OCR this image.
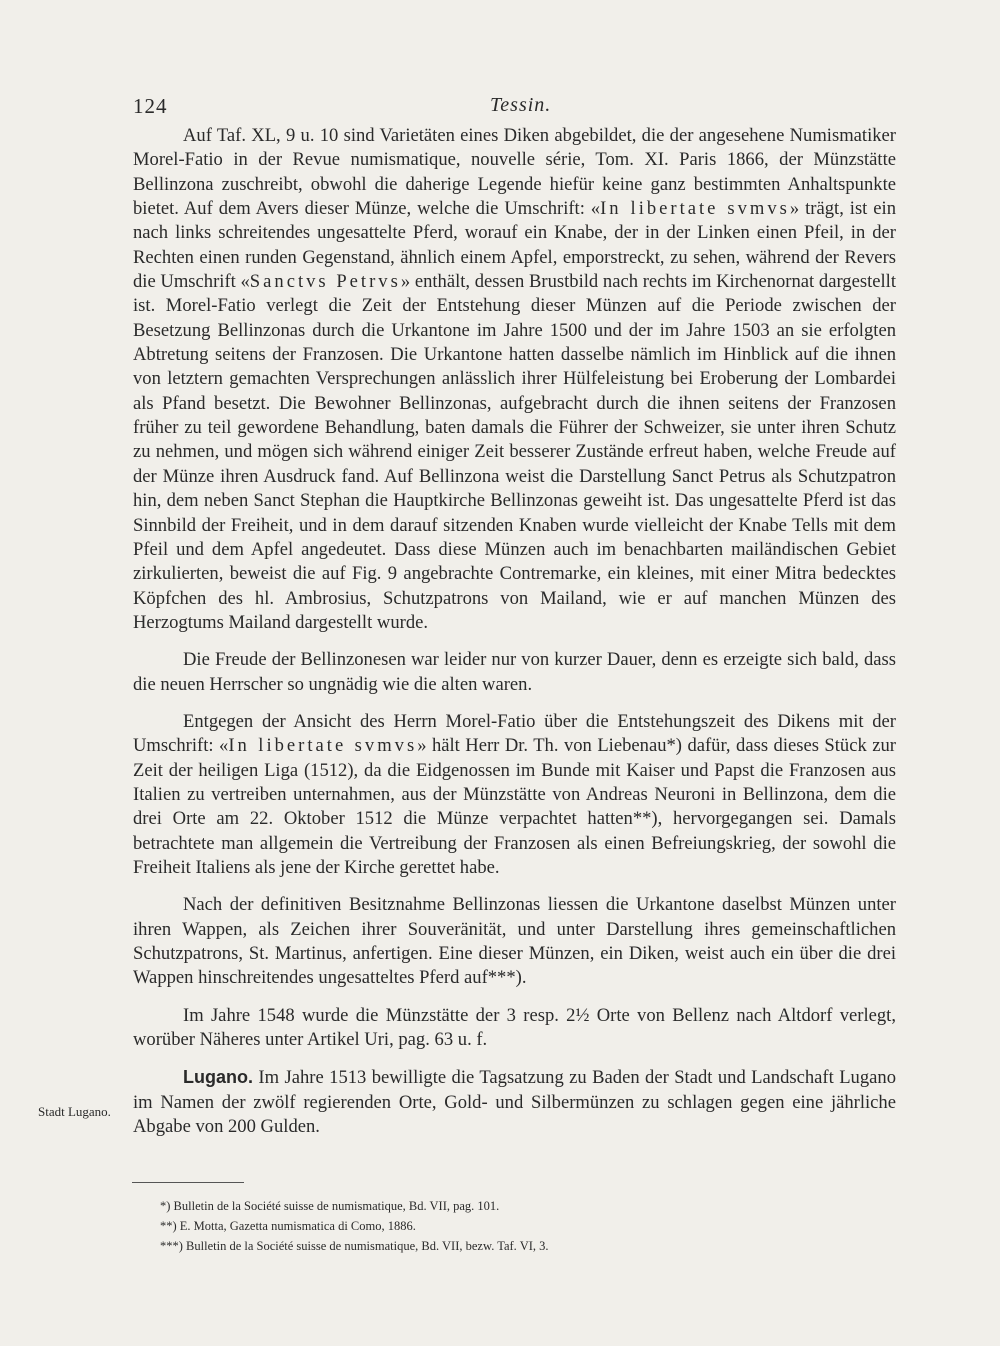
124	Tessin.

Auf Taf. XL, 9 u. 10 sind Varietäten eines Diken abgebildet, die der angesehene Numismatiker Morel-Fatio in der Revue numismatique, nouvelle série, Tom. XI. Paris 1866, der Münzstätte Bellinzona zuschreibt, obwohl die daherige Legende hiefür keine ganz bestimmten Anhaltspunkte bietet. Auf dem Avers dieser Münze, welche die Umschrift: «In libertate svmvs» trägt, ist ein nach links schreitendes ungesattelte Pferd, worauf ein Knabe, der in der Linken einen Pfeil, in der Rechten einen runden Gegenstand, ähnlich einem Apfel, emporstreckt, zu sehen, während der Revers die Umschrift «Sanctvs Petrvs» enthält, dessen Brustbild nach rechts im Kirchenornat dargestellt ist. Morel-Fatio verlegt die Zeit der Entstehung dieser Münzen auf die Periode zwischen der Besetzung Bellinzonas durch die Urkantone im Jahre 1500 und der im Jahre 1503 an sie erfolgten Abtretung seitens der Franzosen. Die Urkantone hatten dasselbe nämlich im Hinblick auf die ihnen von letztern gemachten Versprechungen anlässlich ihrer Hülfeleistung bei Eroberung der Lombardei als Pfand besetzt. Die Bewohner Bellinzonas, aufgebracht durch die ihnen seitens der Franzosen früher zu teil gewordene Behandlung, baten damals die Führer der Schweizer, sie unter ihren Schutz zu nehmen, und mögen sich während einiger Zeit besserer Zustände erfreut haben, welche Freude auf der Münze ihren Ausdruck fand. Auf Bellinzona weist die Darstellung Sanct Petrus als Schutzpatron hin, dem neben Sanct Stephan die Hauptkirche Bellinzonas geweiht ist. Das ungesattelte Pferd ist das Sinnbild der Freiheit, und in dem darauf sitzenden Knaben wurde vielleicht der Knabe Tells mit dem Pfeil und dem Apfel angedeutet. Dass diese Münzen auch im benachbarten mailändischen Gebiet zirkulierten, beweist die auf Fig. 9 angebrachte Contremarke, ein kleines, mit einer Mitra bedecktes Köpfchen des hl. Ambrosius, Schutzpatrons von Mailand, wie er auf manchen Münzen des Herzogtums Mailand dargestellt wurde.

Die Freude der Bellinzonesen war leider nur von kurzer Dauer, denn es erzeigte sich bald, dass die neuen Herrscher so ungnädig wie die alten waren.

Entgegen der Ansicht des Herrn Morel-Fatio über die Entstehungszeit des Dikens mit der Umschrift: «In libertate svmvs» hält Herr Dr. Th. von Liebenau*) dafür, dass dieses Stück zur Zeit der heiligen Liga (1512), da die Eidgenossen im Bunde mit Kaiser und Papst die Franzosen aus Italien zu vertreiben unternahmen, aus der Münzstätte von Andreas Neuroni in Bellinzona, dem die drei Orte am 22. Oktober 1512 die Münze verpachtet hatten**), hervorgegangen sei. Damals betrachtete man allgemein die Vertreibung der Franzosen als einen Befreiungskrieg, der sowohl die Freiheit Italiens als jene der Kirche gerettet habe.

Nach der definitiven Besitznahme Bellinzonas liessen die Urkantone daselbst Münzen unter ihren Wappen, als Zeichen ihrer Souveränität, und unter Darstellung ihres gemeinschaftlichen Schutzpatrons, St. Martinus, anfertigen. Eine dieser Münzen, ein Diken, weist auch ein über die drei Wappen hinschreitendes ungesatteltes Pferd auf***).

Im Jahre 1548 wurde die Münzstätte der 3 resp. 2½ Orte von Bellenz nach Altdorf verlegt, worüber Näheres unter Artikel Uri, pag. 63 u. f.

Lugano. Im Jahre 1513 bewilligte die Tagsatzung zu Baden der Stadt und Landschaft Lugano im Namen der zwölf regierenden Orte, Gold- und Silbermünzen zu schlagen gegen eine jährliche Abgabe von 200 Gulden.

Stadt Lugano.
*) Bulletin de la Société suisse de numismatique, Bd. VII, pag. 101.
**) E. Motta, Gazetta numismatica di Como, 1886.
***) Bulletin de la Société suisse de numismatique, Bd. VII, bezw. Taf. VI, 3.
